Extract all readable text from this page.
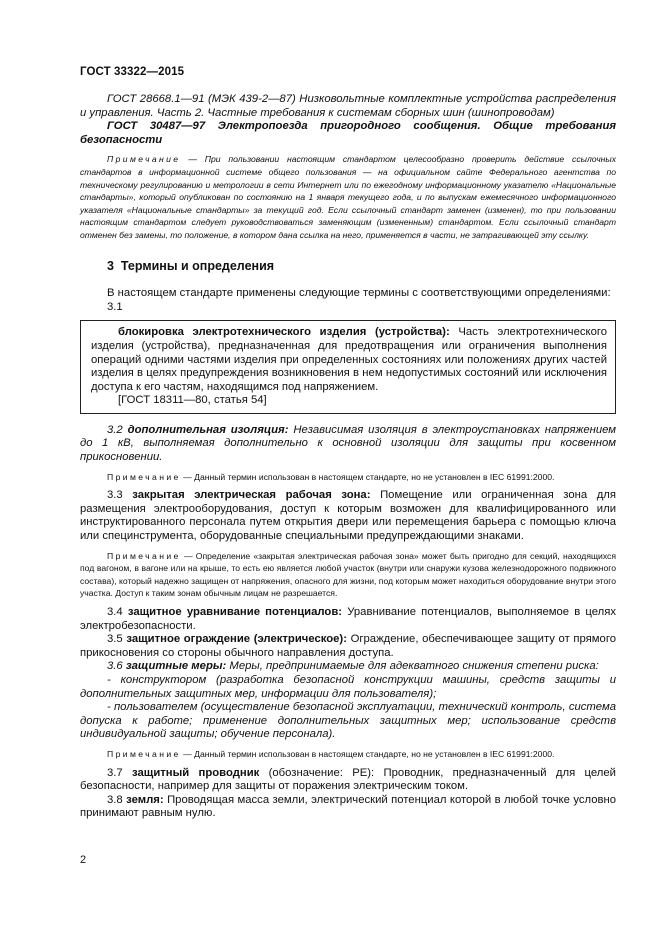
ГОСТ 33322—2015

ГОСТ 28668.1—91 (МЭК 439-2—87) Низковольтные комплектные устройства распределения и управления. Часть 2. Частные требования к системам сборных шин (шинопроводам)

ГОСТ 30487—97 Электропоезда пригородного сообщения. Общие требования безопасности

Примечание — При пользовании настоящим стандартом целесообразно проверить действие ссылочных стандартов в информационной системе общего пользования — на официальном сайте Федерального агентства по техническому регулированию и метрологии в сети Интернет или по ежегодному информационному указателю «Национальные стандарты», который опубликован по состоянию на 1 января текущего года, и по выпускам ежемесячного информационного указателя «Национальные стандарты» за текущий год. Если ссылочный стандарт заменен (изменен), то при пользовании настоящим стандартом следует руководствоваться заменяющим (измененным) стандартом. Если ссылочный стандарт отменен без замены, то положение, в котором дана ссылка на него, применяется в части, не затрагивающей эту ссылку.

3 Термины и определения

В настоящем стандарте применены следующие термины с соответствующими определениями:

3.1

блокировка электротехнического изделия (устройства): Часть электротехнического изделия (устройства), предназначенная для предотвращения или ограничения выполнения операций одними частями изделия при определенных состояниях или положениях других частей изделия в целях предупреждения возникновения в нем недопустимых состояний или исключения доступа к его частям, находящимся под напряжением.

[ГОСТ 18311—80, статья 54]

3.2 дополнительная изоляция: Независимая изоляция в электроустановках напряжением до 1 кВ, выполняемая дополнительно к основной изоляции для защиты при косвенном прикосновении.

Примечание — Данный термин использован в настоящем стандарте, но не установлен в IEC 61991:2000.

3.3 закрытая электрическая рабочая зона: Помещение или ограниченная зона для размещения электрооборудования, доступ к которым возможен для квалифицированного или инструктированного персонала путем открытия двери или перемещения барьера с помощью ключа или специнструмента, оборудованные специальными предупреждающими знаками.

Примечание — Определение «закрытая электрическая рабочая зона» может быть пригодно для секций, находящихся под вагоном, в вагоне или на крыше, то есть ею является любой участок (внутри или снаружи кузова железнодорожного подвижного состава), который надежно защищен от напряжения, опасного для жизни, под которым может находиться оборудование внутри этого участка. Доступ к таким зонам обычным лицам не разрешается.

3.4 защитное уравнивание потенциалов: Уравнивание потенциалов, выполняемое в целях электробезопасности.

3.5 защитное ограждение (электрическое): Ограждение, обеспечивающее защиту от прямого прикосновения со стороны обычного направления доступа.

3.6 защитные меры: Меры, предпринимаемые для адекватного снижения степени риска:

- конструктором (разработка безопасной конструкции машины, средств защиты и дополнительных защитных мер, информации для пользователя);

- пользователем (осуществление безопасной эксплуатации, технический контроль, система допуска к работе; применение дополнительных защитных мер; использование средств индивидуальной защиты; обучение персонала).

Примечание — Данный термин использован в настоящем стандарте, но не установлен в IEC 61991:2000.

3.7 защитный проводник (обозначение: PE): Проводник, предназначенный для целей безопасности, например для защиты от поражения электрическим током.

3.8 земля: Проводящая масса земли, электрический потенциал которой в любой точке условно принимают равным нулю.

2
